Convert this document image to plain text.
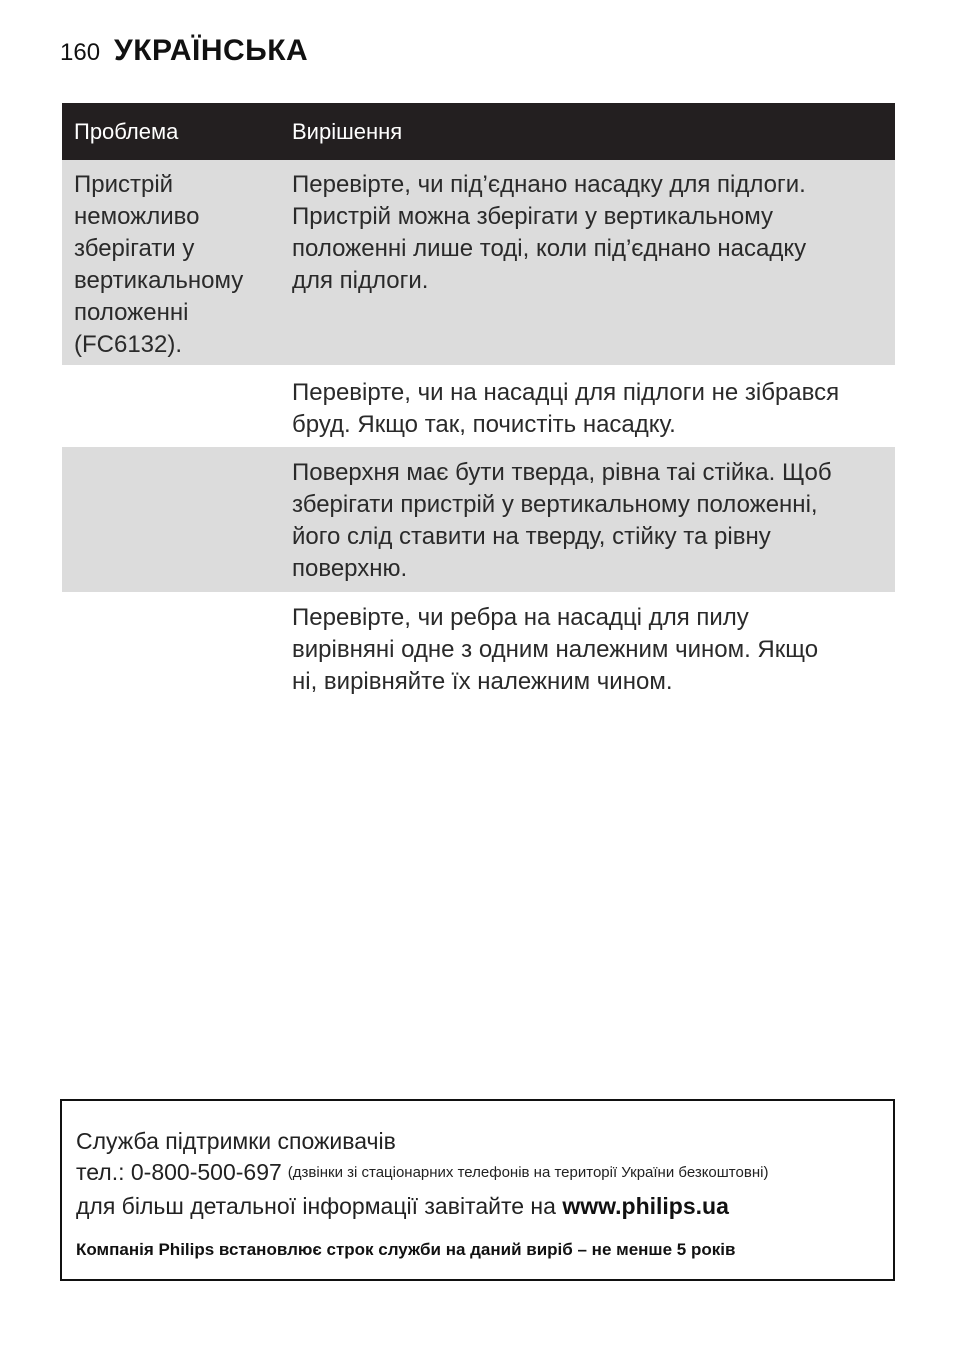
160 УКРАЇНСЬКА
Проблема	Вирішення
Пристрій
неможливо
зберігати у
вертикальному
положенні
(FC6132).
Перевірте, чи під’єднано насадку для підлоги.
Пристрій можна зберігати у вертикальному
положенні лише тоді, коли під’єднано насадку
для підлоги.
Перевірте, чи на насадці для підлоги не зібрався
бруд. Якщо так, почистіть насадку.
Поверхня має бути тверда, рівна таі стійка. Щоб
зберігати пристрій у вертикальному положенні,
його слід ставити на тверду, стійку та рівну
поверхню.
Перевірте, чи ребра на насадці для пилу
вирівняні одне з одним належним чином. Якщо
ні, вирівняйте їх належним чином.
Служба підтримки споживачів
тел.: 0-800-500-697 (дзвінки зі стаціонарних телефонів на території України безкоштовні)
для більш детальної інформації завітайте на www.philips.ua
Компанія Philips встановлює строк служби на даний виріб – не менше 5 років
